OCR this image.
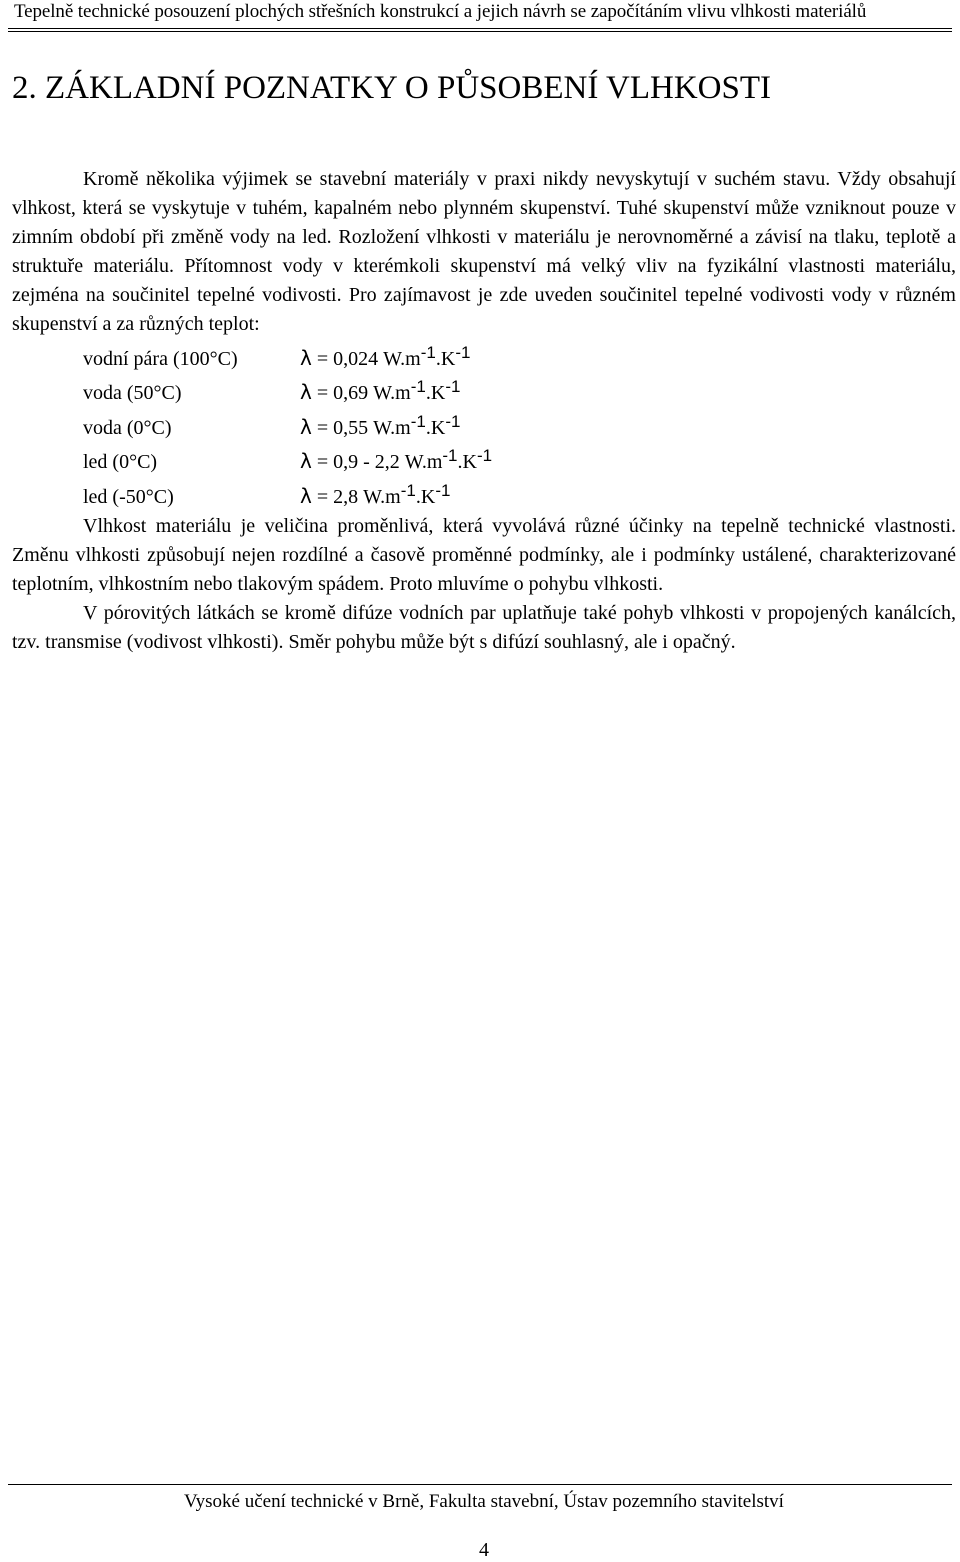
Tepelně technické posouzení plochých střešních konstrukcí a jejich návrh se započítáním vlivu vlhkosti materiálů
2. ZÁKLADNÍ POZNATKY O PŮSOBENÍ VLHKOSTI

Kromě několika výjimek se stavební materiály v praxi nikdy nevyskytují v suchém stavu. Vždy obsahují vlhkost, která se vyskytuje v tuhém, kapalném nebo plynném skupenství. Tuhé skupenství může vzniknout pouze v zimním období při změně vody na led. Rozložení vlhkosti v materiálu je nerovnoměrné a závisí na tlaku, teplotě a struktuře materiálu. Přítomnost vody v kterémkoli skupenství má velký vliv na fyzikální vlastnosti materiálu, zejména na součinitel tepelné vodivosti. Pro zajímavost je zde uveden součinitel tepelné vodivosti vody v různém skupenství a za různých teplot:

vodní pára (100°C)	λ = 0,024 $W.m^{-1}.K^{-1}$
voda (50°C)	λ = 0,69 $W.m^{-1}.K^{-1}$
voda (0°C)	λ = 0,55 $W.m^{-1}.K^{-1}$
led (0°C)	λ = 0,9 - 2,2 $W.m^{-1}.K^{-1}$
led (-50°C)	λ = 2,8 $W.m^{-1}.K^{-1}$

Vlhkost materiálu je veličina proměnlivá, která vyvolává různé účinky na tepelně technické vlastnosti. Změnu vlhkosti způsobují nejen rozdílné a časově proměnné podmínky, ale i podmínky ustálené, charakterizované teplotním, vlhkostním nebo tlakovým spádem. Proto mluvíme o pohybu vlhkosti.

V pórovitých látkách se kromě difúze vodních par uplatňuje také pohyb vlhkosti v propojených kanálcích, tzv. transmise (vodivost vlhkosti). Směr pohybu může být s difúzí souhlasný, ale i opačný.

Vysoké učení technické v Brně, Fakulta stavební, Ústav pozemního stavitelství
4
